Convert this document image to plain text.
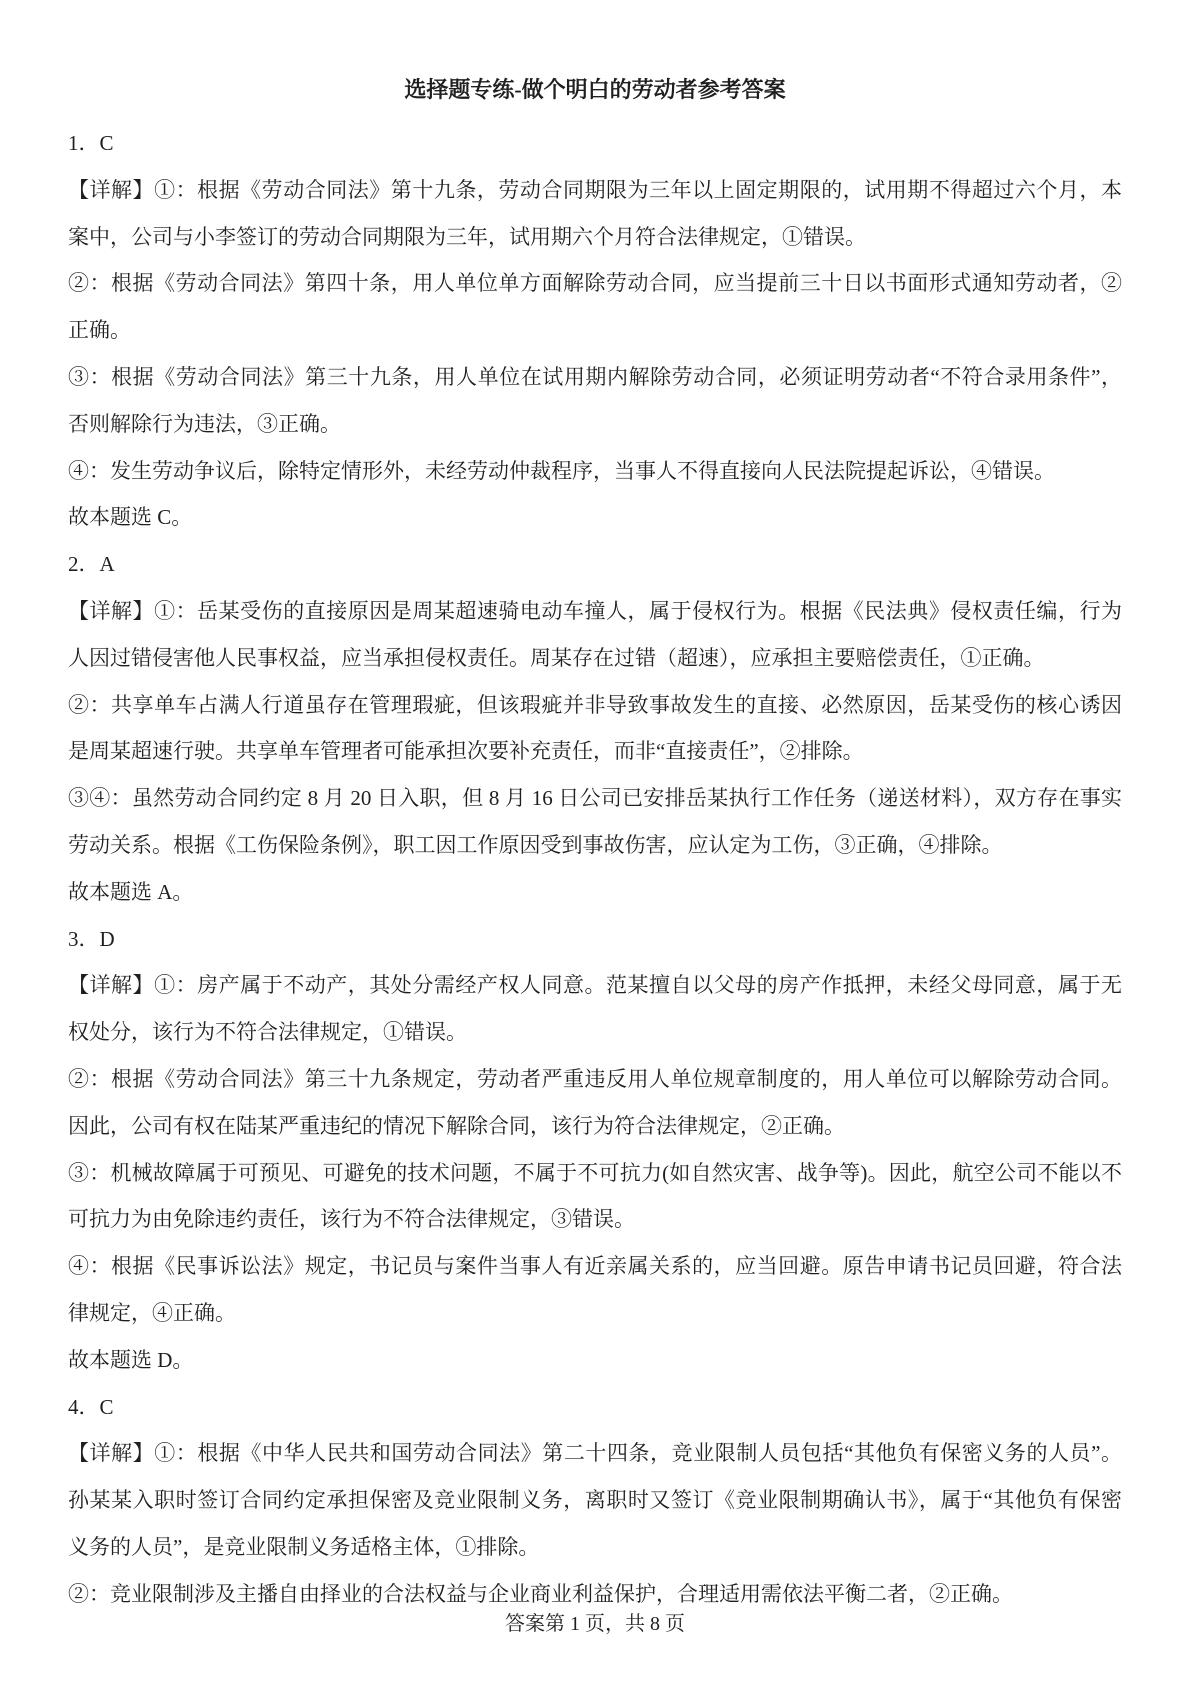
选择题专练-做个明白的劳动者参考答案
1．C
【详解】①：根据《劳动合同法》第十九条，劳动合同期限为三年以上固定期限的，试用期不得超过六个月，本
案中，公司与小李签订的劳动合同期限为三年，试用期六个月符合法律规定，①错误。
②：根据《劳动合同法》第四十条，用人单位单方面解除劳动合同，应当提前三十日以书面形式通知劳动者，②
正确。
③：根据《劳动合同法》第三十九条，用人单位在试用期内解除劳动合同，必须证明劳动者“不符合录用条件”，
否则解除行为违法，③正确。
④：发生劳动争议后，除特定情形外，未经劳动仲裁程序，当事人不得直接向人民法院提起诉讼，④错误。
故本题选 C。
2．A
【详解】①：岳某受伤的直接原因是周某超速骑电动车撞人，属于侵权行为。根据《民法典》侵权责任编，行为
人因过错侵害他人民事权益，应当承担侵权责任。周某存在过错（超速），应承担主要赔偿责任，①正确。
②：共享单车占满人行道虽存在管理瑕疵，但该瑕疵并非导致事故发生的直接、必然原因，岳某受伤的核心诱因
是周某超速行驶。共享单车管理者可能承担次要补充责任，而非“直接责任”，②排除。
③④：虽然劳动合同约定 8 月 20 日入职，但 8 月 16 日公司已安排岳某执行工作任务（递送材料），双方存在事实
劳动关系。根据《工伤保险条例》，职工因工作原因受到事故伤害，应认定为工伤，③正确，④排除。
故本题选 A。
3．D
【详解】①：房产属于不动产，其处分需经产权人同意。范某擅自以父母的房产作抵押，未经父母同意，属于无
权处分，该行为不符合法律规定，①错误。
②：根据《劳动合同法》第三十九条规定，劳动者严重违反用人单位规章制度的，用人单位可以解除劳动合同。
因此，公司有权在陆某严重违纪的情况下解除合同，该行为符合法律规定，②正确。
③：机械故障属于可预见、可避免的技术问题，不属于不可抗力(如自然灾害、战争等)。因此，航空公司不能以不
可抗力为由免除违约责任，该行为不符合法律规定，③错误。
④：根据《民事诉讼法》规定，书记员与案件当事人有近亲属关系的，应当回避。原告申请书记员回避，符合法
律规定，④正确。
故本题选 D。
4．C
【详解】①：根据《中华人民共和国劳动合同法》第二十四条，竞业限制人员包括“其他负有保密义务的人员”。
孙某某入职时签订合同约定承担保密及竞业限制义务，离职时又签订《竞业限制期确认书》，属于“其他负有保密
义务的人员”，是竞业限制义务适格主体，①排除。
②：竞业限制涉及主播自由择业的合法权益与企业商业利益保护，合理适用需依法平衡二者，②正确。
答案第 1 页，共 8 页
